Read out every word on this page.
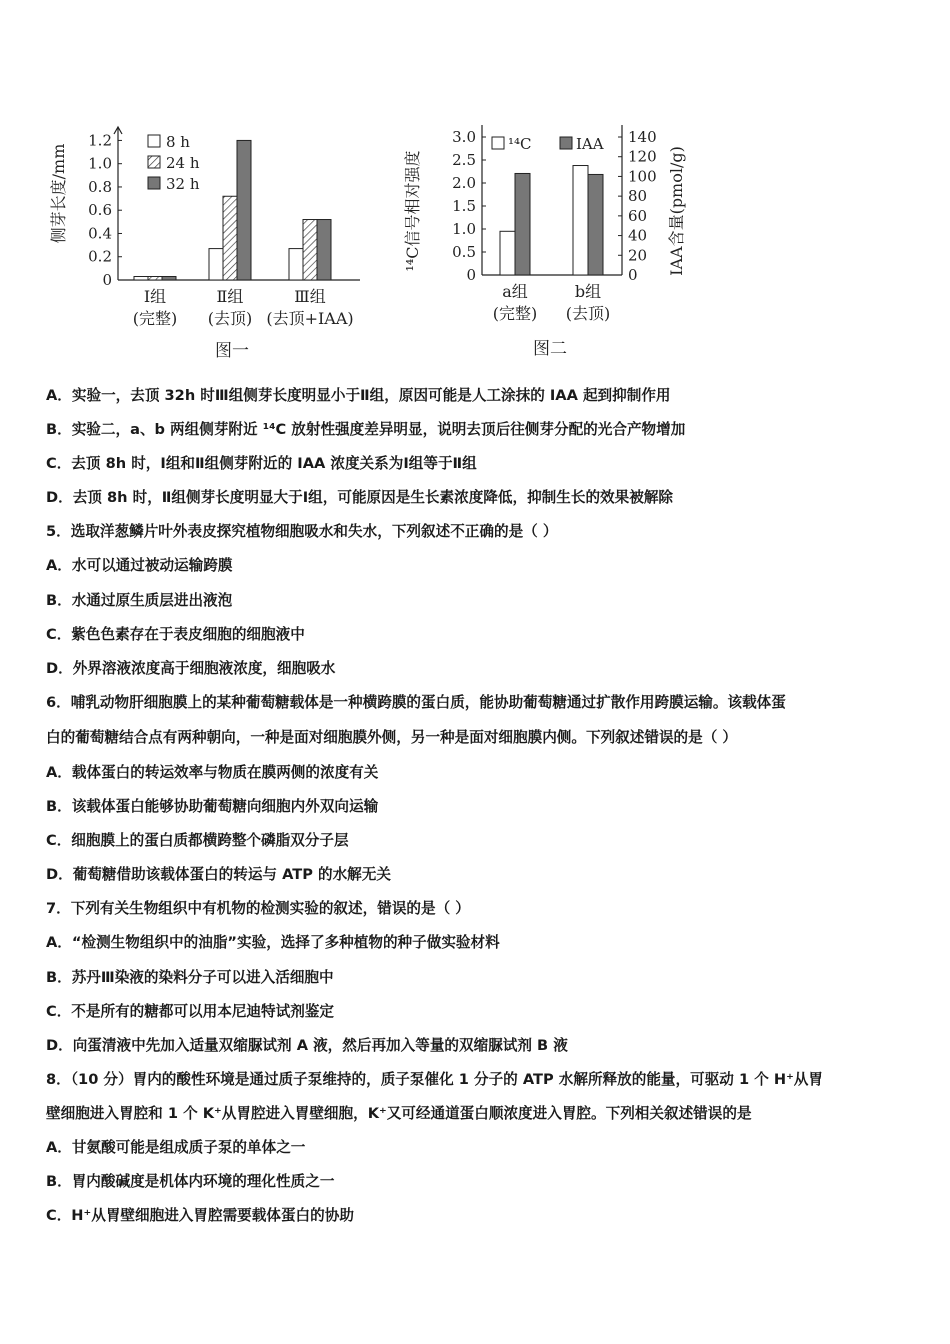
0
0.2
0.4
0.6
0.8
1.0
1.2
侧芽长度/mm
8 h
24 h
32 h
Ⅰ组
(完整)
Ⅱ组
(去顶)
Ⅲ组
(去顶+IAA)
图一
0
0.5
1.0
1.5
2.0
2.5
3.0
0
20
40
60
80
100
120
140
¹⁴C信号相对强度	IAA含量(pmol/g)
¹⁴C	IAA
a组
(完整)
b组
(去顶)
图二
A．实验一，去顶 32h 时Ⅲ组侧芽长度明显小于Ⅱ组，原因可能是人工涂抹的 IAA 起到抑制作用
B．实验二，a、b 两组侧芽附近 ¹⁴C 放射性强度差异明显，说明去顶后往侧芽分配的光合产物增加
C．去顶 8h 时，Ⅰ组和Ⅱ组侧芽附近的 IAA 浓度关系为Ⅰ组等于Ⅱ组
D．去顶 8h 时，Ⅱ组侧芽长度明显大于Ⅰ组，可能原因是生长素浓度降低，抑制生长的效果被解除
5．选取洋葱鳞片叶外表皮探究植物细胞吸水和失水，下列叙述不正确的是（ ）
A．水可以通过被动运输跨膜
B．水通过原生质层进出液泡
C．紫色色素存在于表皮细胞的细胞液中
D．外界溶液浓度高于细胞液浓度，细胞吸水
6．哺乳动物肝细胞膜上的某种葡萄糖载体是一种横跨膜的蛋白质，能协助葡萄糖通过扩散作用跨膜运输。该载体蛋
白的葡萄糖结合点有两种朝向，一种是面对细胞膜外侧，另一种是面对细胞膜内侧。下列叙述错误的是（ ）
A．载体蛋白的转运效率与物质在膜两侧的浓度有关
B．该载体蛋白能够协助葡萄糖向细胞内外双向运输
C．细胞膜上的蛋白质都横跨整个磷脂双分子层
D．葡萄糖借助该载体蛋白的转运与 ATP 的水解无关
7．下列有关生物组织中有机物的检测实验的叙述，错误的是（ ）
A．“检测生物组织中的油脂”实验，选择了多种植物的种子做实验材料
B．苏丹Ⅲ染液的染料分子可以进入活细胞中
C．不是所有的糖都可以用本尼迪特试剂鉴定
D．向蛋清液中先加入适量双缩脲试剂 A 液，然后再加入等量的双缩脲试剂 B 液
8．（10 分）胃内的酸性环境是通过质子泵维持的，质子泵催化 1 分子的 ATP 水解所释放的能量，可驱动 1 个 H⁺从胃
壁细胞进入胃腔和 1 个 K⁺从胃腔进入胃壁细胞，K⁺又可经通道蛋白顺浓度进入胃腔。下列相关叙述错误的是
A．甘氨酸可能是组成质子泵的单体之一
B．胃内酸碱度是机体内环境的理化性质之一
C．H⁺从胃壁细胞进入胃腔需要载体蛋白的协助
